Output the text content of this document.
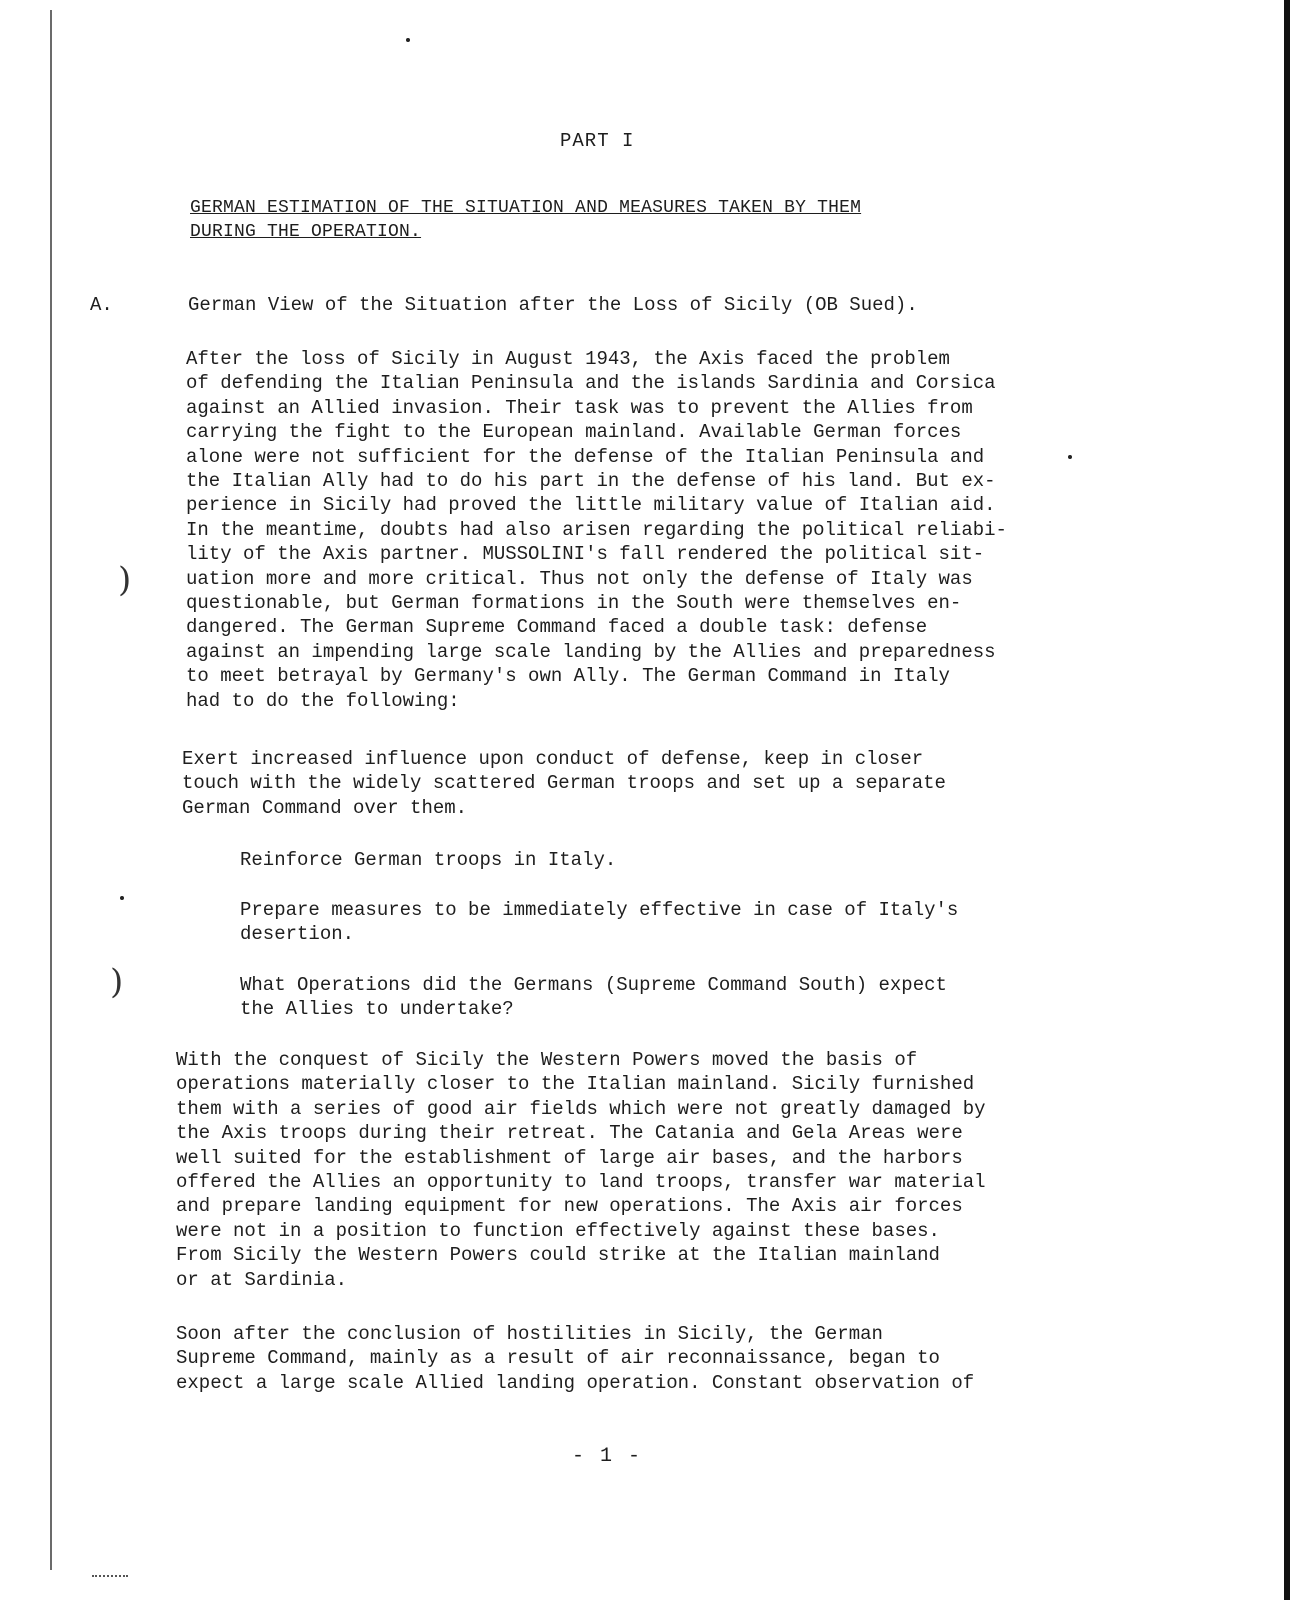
)
)
PART I
GERMAN ESTIMATION OF THE SITUATION AND MEASURES TAKEN BY THEM DURING THE OPERATION.
A.	German View of the Situation after the Loss of Sicily (OB Sued).

After the loss of Sicily in August 1943, the Axis faced the problem
of defending the Italian Peninsula and the islands Sardinia and Corsica
against an Allied invasion. Their task was to prevent the Allies from
carrying the fight to the European mainland. Available German forces
alone were not sufficient for the defense of the Italian Peninsula and
the Italian Ally had to do his part in the defense of his land. But ex-
perience in Sicily had proved the little military value of Italian aid.
In the meantime, doubts had also arisen regarding the political reliabi-
lity of the Axis partner. MUSSOLINI's fall rendered the political sit-
uation more and more critical. Thus not only the defense of Italy was
questionable, but German formations in the South were themselves en-
dangered. The German Supreme Command faced a double task: defense
against an impending large scale landing by the Allies and preparedness
to meet betrayal by Germany's own Ally. The German Command in Italy
had to do the following:

Exert increased influence upon conduct of defense, keep in closer
touch with the widely scattered German troops and set up a separate
German Command over them.

Reinforce German troops in Italy.

Prepare measures to be immediately effective in case of Italy's
desertion.

What Operations did the Germans (Supreme Command South) expect
the Allies to undertake?

With the conquest of Sicily the Western Powers moved the basis of
operations materially closer to the Italian mainland. Sicily furnished
them with a series of good air fields which were not greatly damaged by
the Axis troops during their retreat. The Catania and Gela Areas were
well suited for the establishment of large air bases, and the harbors
offered the Allies an opportunity to land troops, transfer war material
and prepare landing equipment for new operations. The Axis air forces
were not in a position to function effectively against these bases.
From Sicily the Western Powers could strike at the Italian mainland
or at Sardinia.

Soon after the conclusion of hostilities in Sicily, the German
Supreme Command, mainly as a result of air reconnaissance, began to
expect a large scale Allied landing operation. Constant observation of

- 1 -
